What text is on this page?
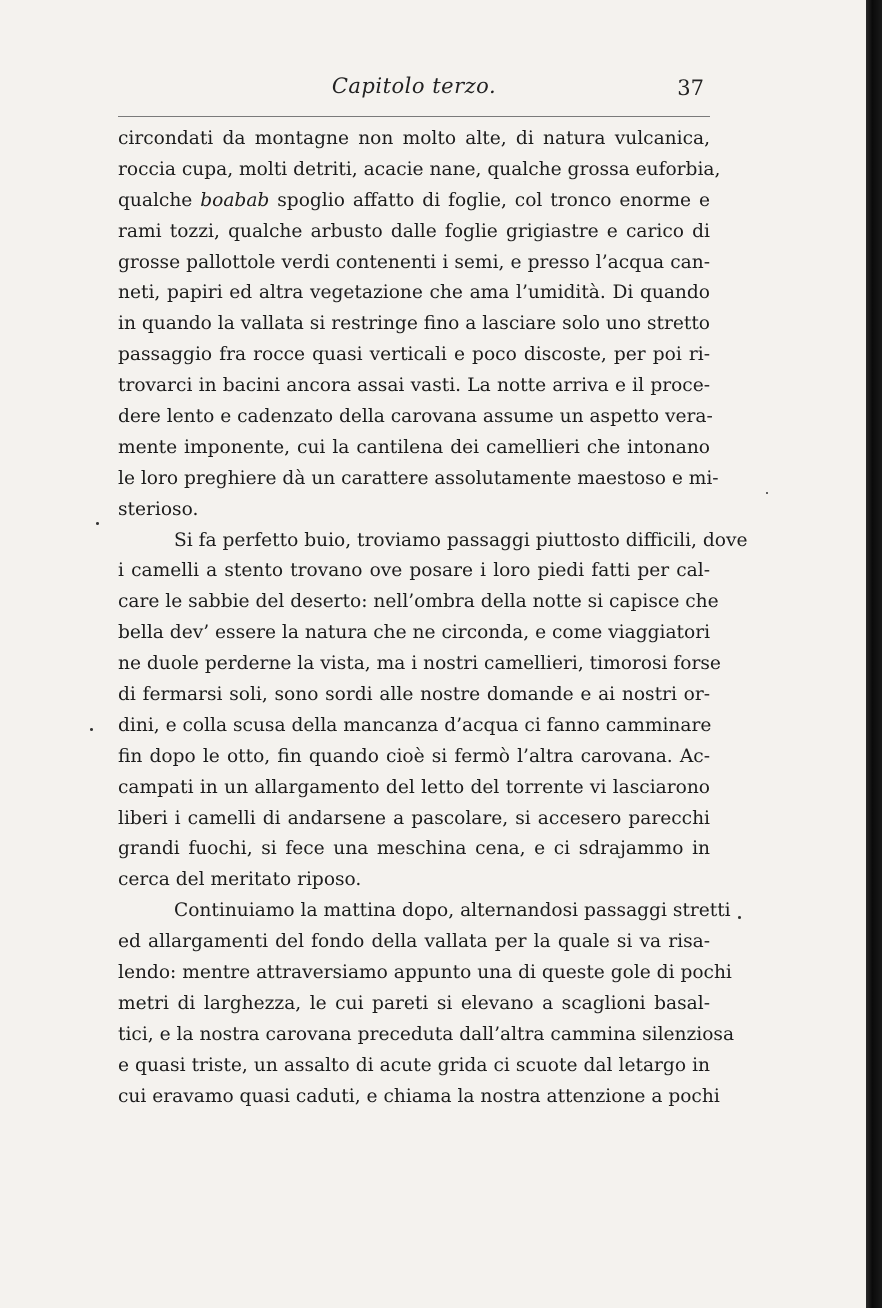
Capitolo terzo.	37
circondati da montagne non molto alte, di natura vulcanica,
roccia cupa, molti detriti, acacie nane, qualche grossa euforbia,
qualche boabab spoglio affatto di foglie, col tronco enorme e
rami tozzi, qualche arbusto dalle foglie grigiastre e carico di
grosse pallottole verdi contenenti i semi, e presso l’acqua can-
neti, papiri ed altra vegetazione che ama l’umidità. Di quando
in quando la vallata si restringe fino a lasciare solo uno stretto
passaggio fra rocce quasi verticali e poco discoste, per poi ri-
trovarci in bacini ancora assai vasti. La notte arriva e il proce-
dere lento e cadenzato della carovana assume un aspetto vera-
mente imponente, cui la cantilena dei camellieri che intonano
le loro preghiere dà un carattere assolutamente maestoso e mi-
sterioso.
Si fa perfetto buio, troviamo passaggi piuttosto difficili, dove
i camelli a stento trovano ove posare i loro piedi fatti per cal-
care le sabbie del deserto: nell’ombra della notte si capisce che
bella dev’ essere la natura che ne circonda, e come viaggiatori
ne duole perderne la vista, ma i nostri camellieri, timorosi forse
di fermarsi soli, sono sordi alle nostre domande e ai nostri or-
dini, e colla scusa della mancanza d’acqua ci fanno camminare
fin dopo le otto, fin quando cioè si fermò l’altra carovana. Ac-
campati in un allargamento del letto del torrente vi lasciarono
liberi i camelli di andarsene a pascolare, si accesero parecchi
grandi fuochi, si fece una meschina cena, e ci sdrajammo in
cerca del meritato riposo.
Continuiamo la mattina dopo, alternandosi passaggi stretti
ed allargamenti del fondo della vallata per la quale si va risa-
lendo: mentre attraversiamo appunto una di queste gole di pochi
metri di larghezza, le cui pareti si elevano a scaglioni basal-
tici, e la nostra carovana preceduta dall’altra cammina silenziosa
e quasi triste, un assalto di acute grida ci scuote dal letargo in
cui eravamo quasi caduti, e chiama la nostra attenzione a pochi
